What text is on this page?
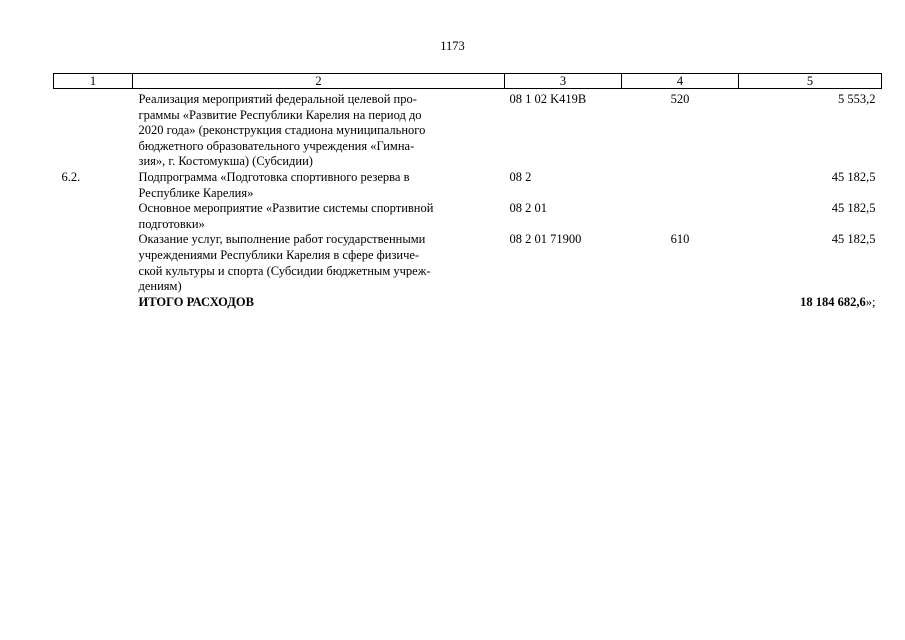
1173
1	2	3	4	5

	Реализация мероприятий федеральной целевой про-
граммы «Развитие Республики Карелия на период до
2020 года» (реконструкция стадиона муниципального
бюджетного образовательного учреждения «Гимна-
зия», г. Костомукша) (Субсидии)	08 1 02 K419B	520	5 553,2
6.2.	Подпрограмма «Подготовка спортивного резерва в
Республике Карелия»	08 2		45 182,5

	Основное мероприятие «Развитие системы спортивной
подготовки»	08 2 01		45 182,5

	Оказание услуг, выполнение работ государственными
учреждениями Республики Карелия в сфере физиче-
ской культуры и спорта (Субсидии бюджетным учреж-
дениям)	08 2 01 71900	610	45 182,5
	ИТОГО РАСХОДОВ			18 184 682,6»;
